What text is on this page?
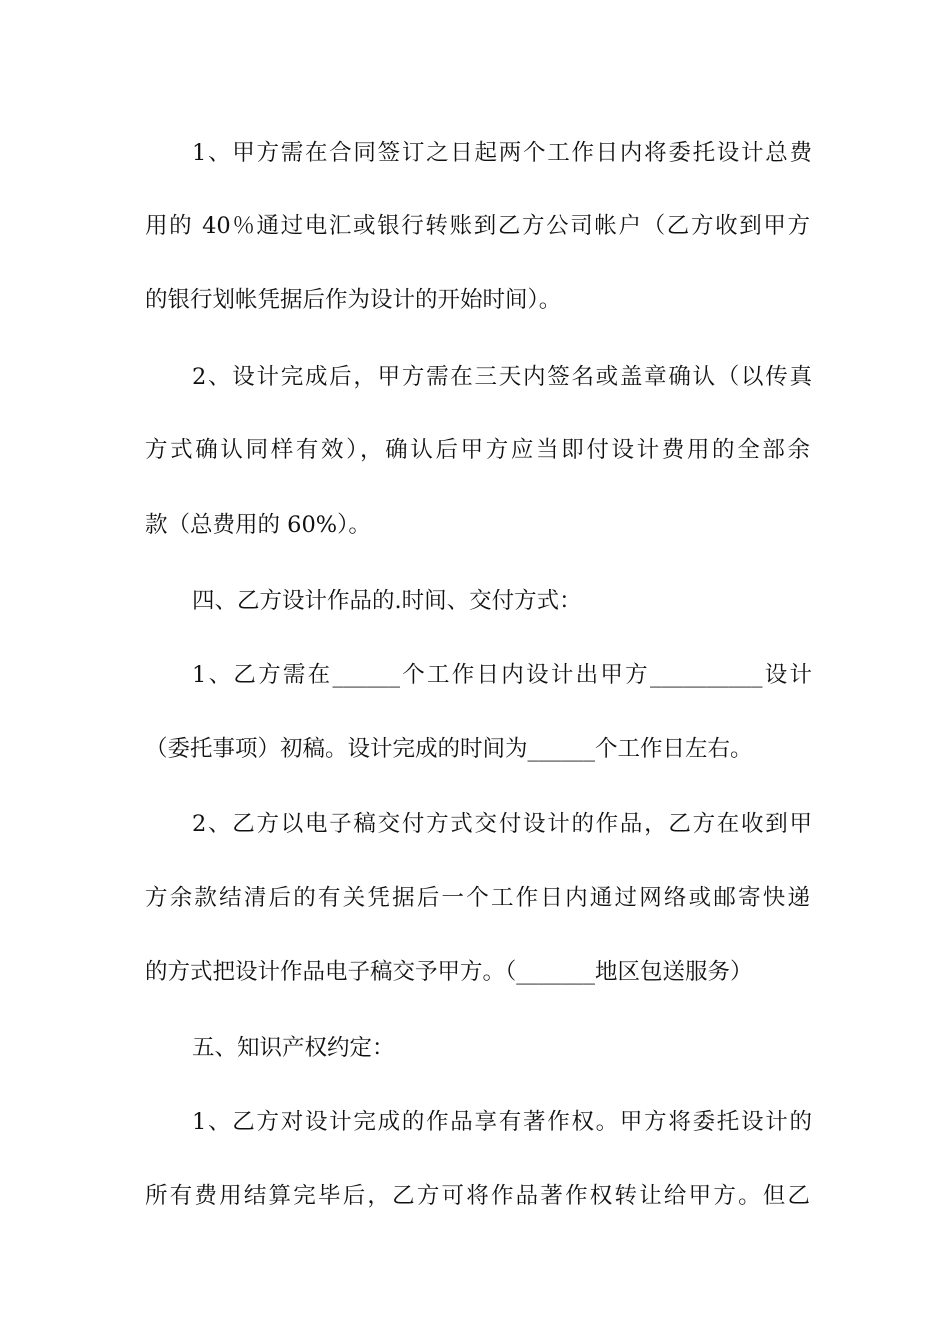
1、甲方需在合同签订之日起两个工作日内将委托设计总费
用的 40％通过电汇或银行转账到乙方公司帐户（乙方收到甲方
的银行划帐凭据后作为设计的开始时间）。
2、设计完成后，甲方需在三天内签名或盖章确认（以传真
方式确认同样有效），确认后甲方应当即付设计费用的全部余
款（总费用的 60%）。
四、乙方设计作品的.时间、交付方式：
1、乙方需在______个工作日内设计出甲方__________设计
（委托事项）初稿。设计完成的时间为______个工作日左右。
2、乙方以电子稿交付方式交付设计的作品，乙方在收到甲
方余款结清后的有关凭据后一个工作日内通过网络或邮寄快递
的方式把设计作品电子稿交予甲方。（_______地区包送服务）
五、知识产权约定：
1、乙方对设计完成的作品享有著作权。甲方将委托设计的
所有费用结算完毕后，乙方可将作品著作权转让给甲方。但乙
